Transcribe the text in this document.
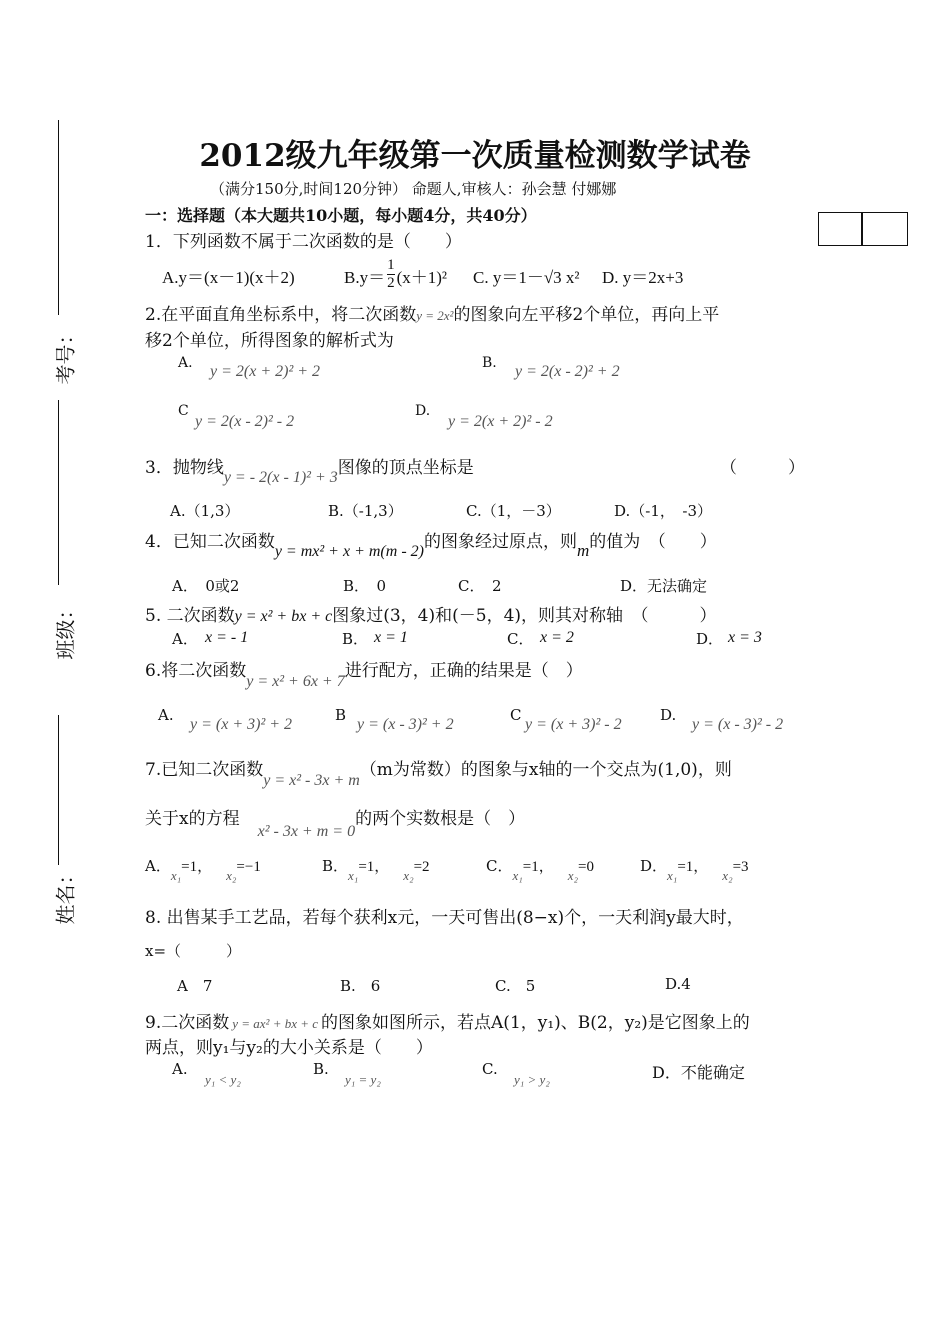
考号：
班级：
姓名：
2012级九年级第一次质量检测数学试卷
（满分150分,时间120分钟） 命题人,审核人：孙会慧 付娜娜
一：选择题（本大题共10小题，每小题4分，共40分）
1．下列函数不属于二次函数的是（　　）
A.y＝(x－1)(x＋2)	$B.y= \frac{1}{2} (x+1)^2$ C. y＝1－√3 x² D. y＝2x+3
2.在平面直角坐标系中，将二次函数y = 2x²的图象向左平移2个单位，再向上平
移2个单位，所得图象的解析式为
A. y = 2(x + 2)² + 2	B. y = 2(x - 2)² + 2
C
y = 2(x - 2)² - 2
D.
y = 2(x + 2)² - 2
3．抛物线y = - 2(x - 1)² + 3图像的顶点坐标是	（　　　）
A.（1,3）	B.（-1,3）	C.（1，－3）	D.（-1，　-3）
4．已知二次函数y = mx² + x + m(m - 2)的图象经过原点，则m的值为　（　　）
A．　0或2	B．　0	C．　2	D．无法确定
5. 二次函数y = x² + bx + c图象过(3，4)和(－5，4)，则其对称轴　（　　　）
A． x = - 1	B． x = 1	C． x = 2	D． x = 3
6.将二次函数y = x² + 6x + 7进行配方，正确的结果是（　）
A.
y = (x + 3)² + 2
B
y = (x - 3)² + 2
C
y = (x + 3)² - 2
D.
y = (x - 3)² - 2
7.已知二次函数y = x² - 3x + m（m为常数）的图象与x轴的一个交点为(1,0)，则
关于x的方程x² - 3x + m = 0的两个实数根是（　）
A．x₁=1，x₂=−1	B．x₁=1，x₂=2	C．x₁=1，x₂=0	D．x₁=1，x₂=3
8. 出售某手工艺品，若每个获利x元，一天可售出(8−x)个，一天利润y最大时，
x=（　　　）
A　7	B.　6	C.　5	D.4
9.二次函数 y = ax² + bx + c 的图象如图所示，若点A(1，y₁)、B(2，y₂)是它图象上的
两点，则y₁与y₂的大小关系是（　　）
A.
y₁ < y₂
B.
y₁ = y₂
C.
y₁ > y₂	D．不能确定
